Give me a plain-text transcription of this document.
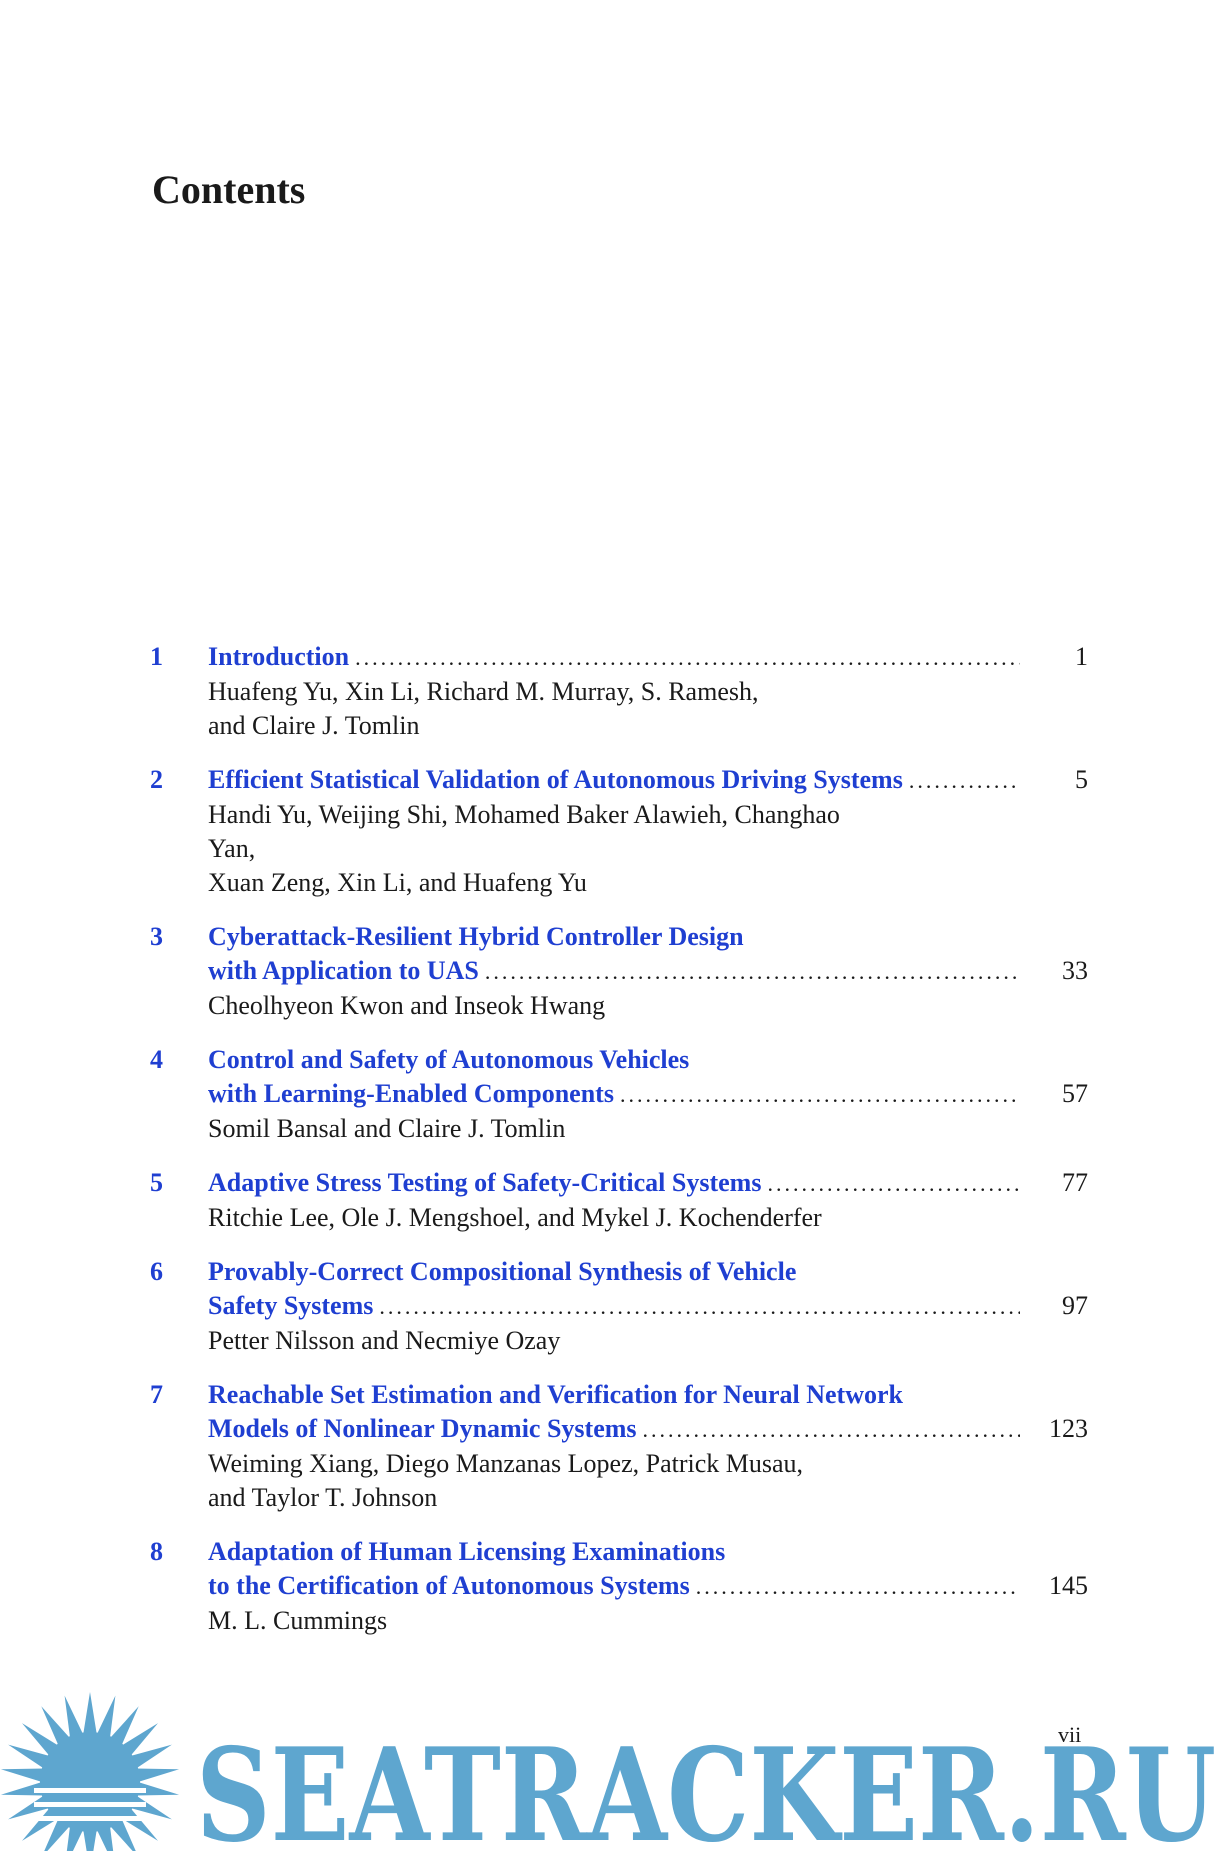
Contents
1 Introduction .....	1
Huafeng Yu, Xin Li, Richard M. Murray, S. Ramesh,
and Claire J. Tomlin
2 Efficient Statistical Validation of Autonomous Driving Systems .....	5
Handi Yu, Weijing Shi, Mohamed Baker Alawieh, Changhao Yan,
Xuan Zeng, Xin Li, and Huafeng Yu
3 Cyberattack-Resilient Hybrid Controller Design
with Application to UAS .....	33
Cheolhyeon Kwon and Inseok Hwang
4 Control and Safety of Autonomous Vehicles
with Learning-Enabled Components .....	57
Somil Bansal and Claire J. Tomlin
5 Adaptive Stress Testing of Safety-Critical Systems .....	77
Ritchie Lee, Ole J. Mengshoel, and Mykel J. Kochenderfer
6 Provably-Correct Compositional Synthesis of Vehicle
Safety Systems .....	97
Petter Nilsson and Necmiye Ozay
7 Reachable Set Estimation and Verification for Neural Network
Models of Nonlinear Dynamic Systems .....	123
Weiming Xiang, Diego Manzanas Lopez, Patrick Musau,
and Taylor T. Johnson
8 Adaptation of Human Licensing Examinations
to the Certification of Autonomous Systems .....	145
M. L. Cummings
vii
SEATRACKER.RU
